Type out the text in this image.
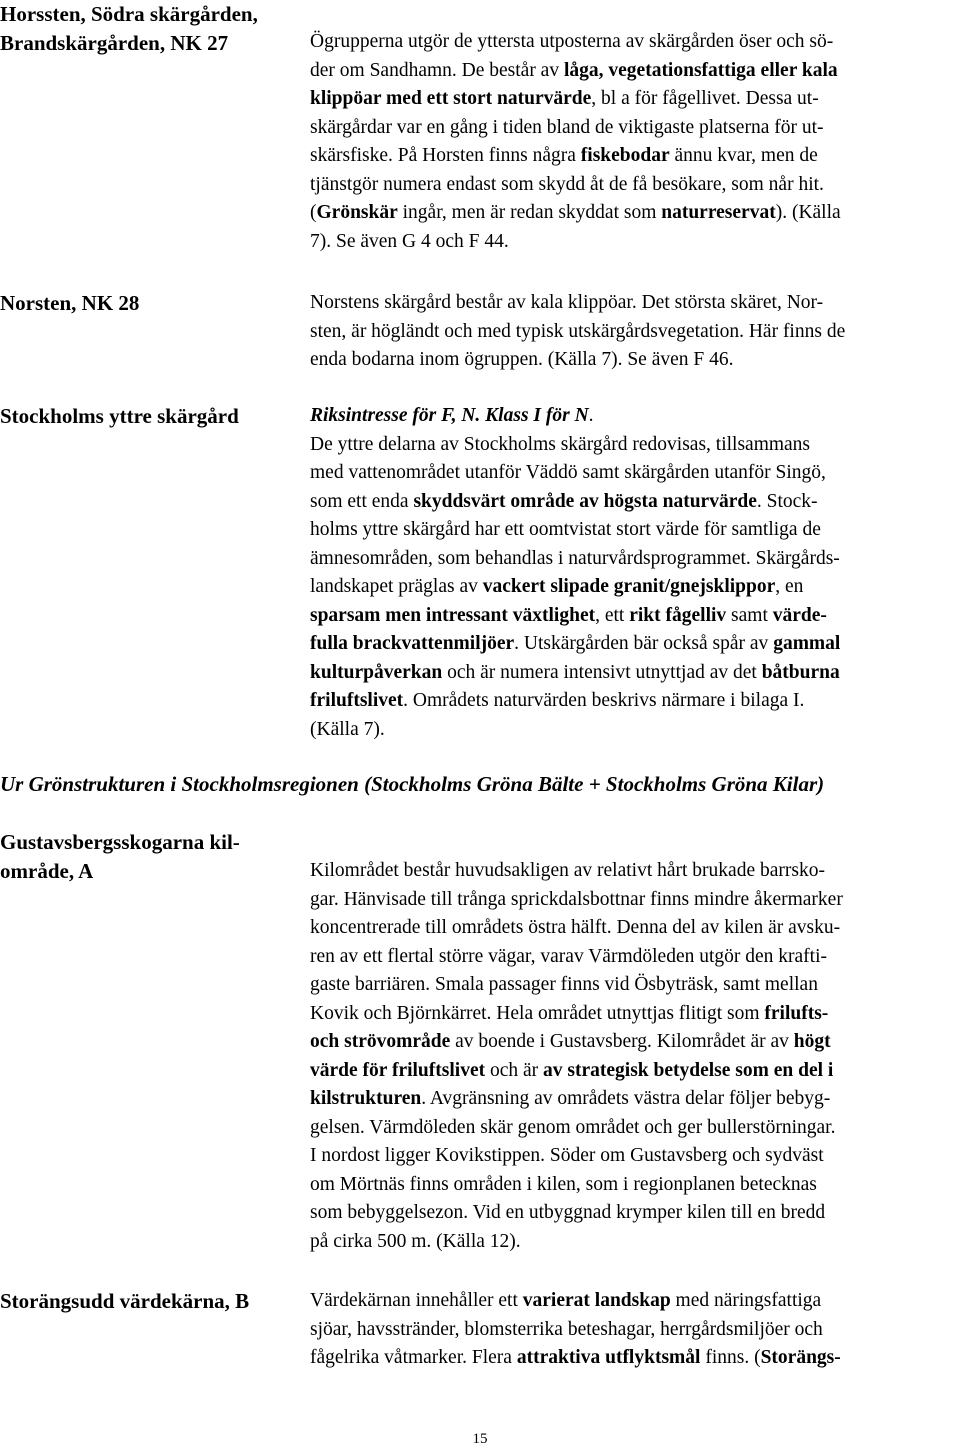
Horssten, Södra skärgården,
Brandskärgården, NK 27	Ögrupperna utgör de yttersta utposterna av skärgården öser och sö-
der om Sandhamn. De består av låga, vegetationsfattiga eller kala
klippöar med ett stort naturvärde, bl a för fågellivet. Dessa ut-
skärgårdar var en gång i tiden bland de viktigaste platserna för ut-
skärsfiske. På Horsten finns några fiskebodar ännu kvar, men de
tjänstgör numera endast som skydd åt de få besökare, som når hit.
(Grönskär ingår, men är redan skyddat som naturreservat). (Källa
7). Se även G 4 och F 44.
Norsten, NK 28	Norstens skärgård består av kala klippöar. Det största skäret, Nor-
sten, är högländt och med typisk utskärgårdsvegetation. Här finns de
enda bodarna inom ögruppen. (Källa 7). Se även F 46.
Stockholms yttre skärgård	Riksintresse för F, N. Klass I för N.
De yttre delarna av Stockholms skärgård redovisas, tillsammans
med vattenområdet utanför Väddö samt skärgården utanför Singö,
som ett enda skyddsvärt område av högsta naturvärde. Stock-
holms yttre skärgård har ett oomtvistat stort värde för samtliga de
ämnesområden, som behandlas i naturvårdsprogrammet. Skärgårds-
landskapet präglas av vackert slipade granit/gnejsklippor, en
sparsam men intressant växtlighet, ett rikt fågelliv samt värde-
fulla brackvattenmiljöer. Utskärgården bär också spår av gammal
kulturpåverkan och är numera intensivt utnyttjad av det båtburna
friluftslivet. Områdets naturvärden beskrivs närmare i bilaga I.
(Källa 7).
Ur Grönstrukturen i Stockholmsregionen (Stockholms Gröna Bälte + Stockholms Gröna Kilar)
Gustavsbergsskogarna kil-
område, A	Kilområdet består huvudsakligen av relativt hårt brukade barrsko-
gar. Hänvisade till trånga sprickdalsbottnar finns mindre åkermarker
koncentrerade till områdets östra hälft. Denna del av kilen är avsku-
ren av ett flertal större vägar, varav Värmdöleden utgör den krafti-
gaste barriären. Smala passager finns vid Ösbyträsk, samt mellan
Kovik och Björnkärret. Hela området utnyttjas flitigt som frilufts-
och strövområde av boende i Gustavsberg. Kilområdet är av högt
värde för friluftslivet och är av strategisk betydelse som en del i
kilstrukturen. Avgränsning av områdets västra delar följer bebyg-
gelsen. Värmdöleden skär genom området och ger bullerstörningar.
I nordost ligger Kovikstippen. Söder om Gustavsberg och sydväst
om Mörtnäs finns områden i kilen, som i regionplanen betecknas
som bebyggelsezon. Vid en utbyggnad krymper kilen till en bredd
på cirka 500 m. (Källa 12).
Storängsudd värdekärna, B	Värdekärnan innehåller ett varierat landskap med näringsfattiga
sjöar, havsstränder, blomsterrika beteshagar, herrgårdsmiljöer och
fågelrika våtmarker. Flera attraktiva utflyktsmål finns. (Storängs-
15
